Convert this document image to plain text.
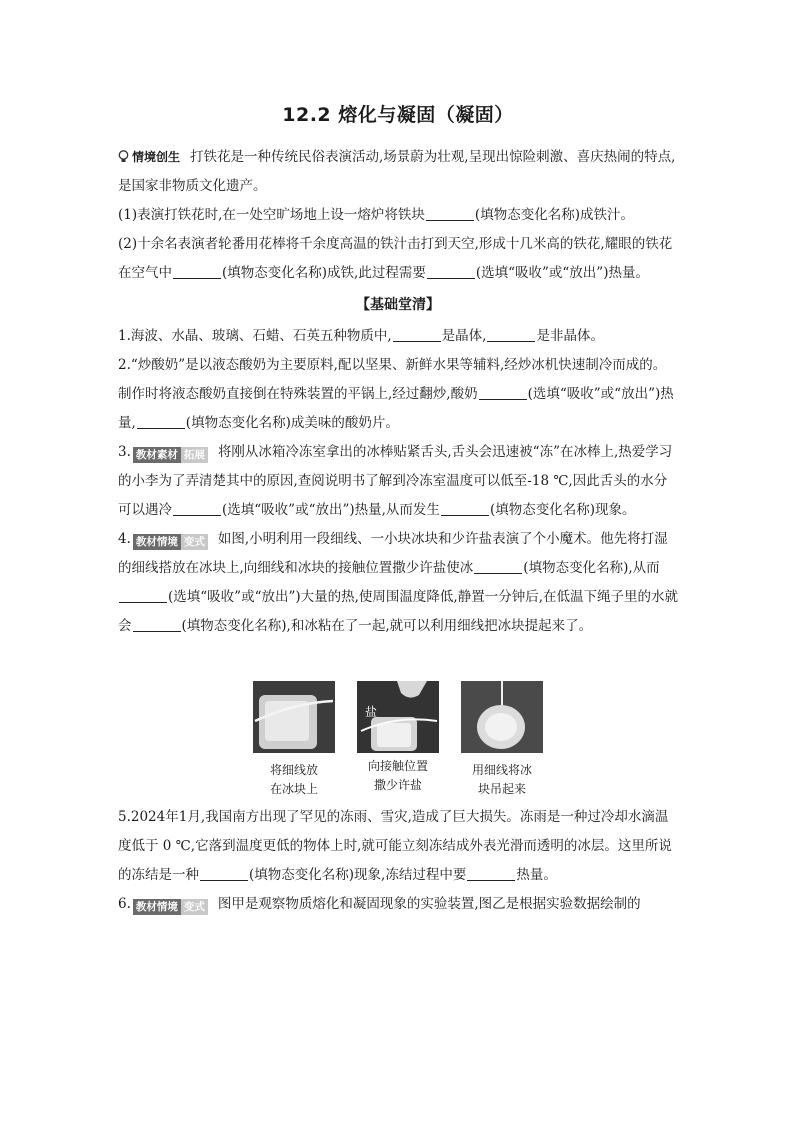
12.2 熔化与凝固（凝固）

情境创生 打铁花是一种传统民俗表演活动,场景蔚为壮观,呈现出惊险刺激、喜庆热闹的特点,是国家非物质文化遗产。

(1)表演打铁花时,在一处空旷场地上设一熔炉将铁块	(填物态变化名称)成铁汁。

(2)十余名表演者轮番用花棒将千余度高温的铁汁击打到天空,形成十几米高的铁花,耀眼的铁花在空气中	(填物态变化名称)成铁,此过程需要	(选填“吸收”或“放出”)热量。

【基础堂清】

1.海波、水晶、玻璃、石蜡、石英五种物质中,	是晶体,	是非晶体。

2.“炒酸奶”是以液态酸奶为主要原料,配以坚果、新鲜水果等辅料,经炒冰机快速制冷而成的。制作时将液态酸奶直接倒在特殊装置的平锅上,经过翻炒,酸奶	(选填“吸收”或“放出”)热量,	(填物态变化名称)成美味的酸奶片。

3. 教材素材 拓展 将刚从冰箱冷冻室拿出的冰棒贴紧舌头,舌头会迅速被“冻”在冰棒上,热爱学习的小李为了弄清楚其中的原因,查阅说明书了解到冷冻室温度可以低至-18 ℃,因此舌头的水分可以遇冷	(选填“吸收”或“放出”)热量,从而发生	(填物态变化名称)现象。

4. 教材情境 变式 如图,小明利用一段细线、一小块冰块和少许盐表演了个小魔术。他先将打湿的细线搭放在冰块上,向细线和冰块的接触位置撒少许盐使冰	(填物态变化名称),从而(选填“吸收”或“放出”)大量的热,使周围温度降低,静置一分钟后,在低温下绳子里的水就会	(填物态变化名称),和冰粘在了一起,就可以利用细线把冰块提起来了。

将细线放
在冰块上
盐
向接触位置
撒少许盐
用细线将冰
块吊起来

5.2024年1月,我国南方出现了罕见的冻雨、雪灾,造成了巨大损失。冻雨是一种过冷却水滴温度低于 0 ℃,它落到温度更低的物体上时,就可能立刻冻结成外表光滑而透明的冰层。这里所说的冻结是一种	(填物态变化名称)现象,冻结过程中要	热量。

6. 教材情境 变式 图甲是观察物质熔化和凝固现象的实验装置,图乙是根据实验数据绘制的
